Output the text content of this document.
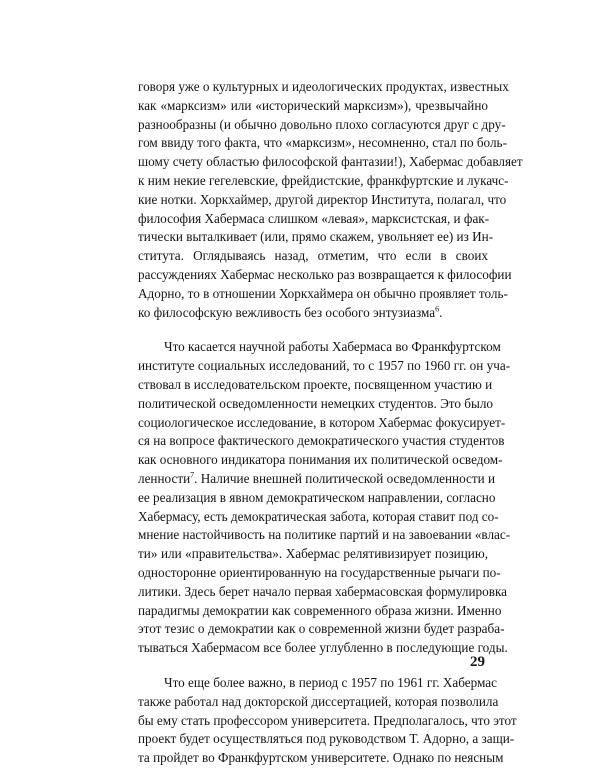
говоря уже о культурных и идеологических продуктах, известных
как «марксизм» или «исторический марксизм»), чрезвычайно
разнообразны (и обычно довольно плохо согласуются друг с дру-
гом ввиду того факта, что «марксизм», несомненно, стал по боль-
шому счету областью философской фантазии!), Хабермас добавляет
к ним некие гегелевские, фрейдистские, франкфуртские и лукачс-
кие нотки. Хоркхаймер, другой директор Института, полагал, что
философия Хабермаса слишком «левая», марксистская, и фак-
тически выталкивает (или, прямо скажем, увольняет ее) из Ин-
ститута. Оглядываясь назад, отметим, что если в своих
рассуждениях Хабермас несколько раз возвращается к философии
Адорно, то в отношении Хоркхаймера он обычно проявляет толь-
ко философскую вежливость без особого энтузиазма$^6$.
Что касается научной работы Хабермаса во Франкфуртском
институте социальных исследований, то с 1957 по 1960 гг. он уча-
ствовал в исследовательском проекте, посвященном участию и
политической осведомленности немецких студентов. Это было
социологическое исследование, в котором Хабермас фокусирует-
ся на вопросе фактического демократического участия студентов
как основного индикатора понимания их политической осведом-
ленности$^7$. Наличие внешней политической осведомленности и
ее реализация в явном демократическом направлении, согласно
Хабермасу, есть демократическая забота, которая ставит под со-
мнение настойчивость на политике партий и на завоевании «влас-
ти» или «правительства». Хабермас релятивизирует позицию,
односторонне ориентированную на государственные рычаги по-
литики. Здесь берет начало первая хабермасовская формулировка
парадигмы демократии как современного образа жизни. Именно
этот тезис о демократии как о современной жизни будет разраба-
тываться Хабермасом все более углубленно в последующие годы.
Что еще более важно, в период с 1957 по 1961 гг. Хабермас
также работал над докторской диссертацией, которая позволила
бы ему стать профессором университета. Предполагалось, что этот
проект будет осуществляться под руководством Т. Адорно, а защи-
та пройдет во Франкфуртском университете. Однако по неясным
29
